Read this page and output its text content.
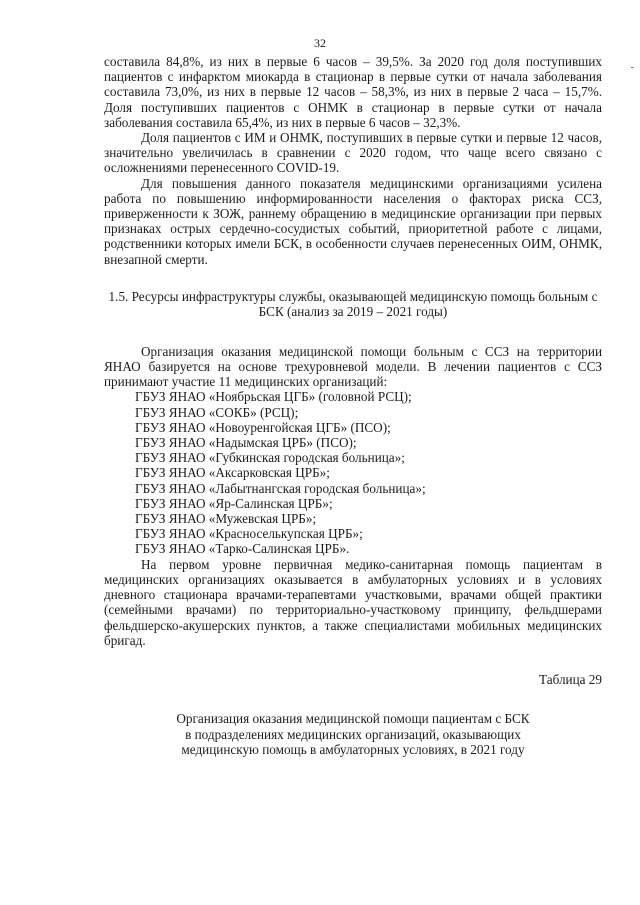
32
-

составила 84,8%, из них в первые 6 часов – 39,5%. За 2020 год доля поступивших пациентов с инфарктом миокарда в стационар в первые сутки от начала заболевания составила 73,0%, из них в первые 12 часов – 58,3%, из них в первые 2 часа – 15,7%. Доля поступивших пациентов с ОНМК в стационар в первые сутки от начала заболевания составила 65,4%, из них в первые 6 часов – 32,3%.

Доля пациентов с ИМ и ОНМК, поступивших в первые сутки и первые 12 часов, значительно увеличилась в сравнении с 2020 годом, что чаще всего связано с осложнениями перенесенного COVID-19.

Для повышения данного показателя медицинскими организациями усилена работа по повышению информированности населения о факторах риска ССЗ, приверженности к ЗОЖ, раннему обращению в медицинские организации при первых признаках острых сердечно-сосудистых событий, приоритетной работе с лицами, родственники которых имели БСК, в особенности случаев перенесенных ОИМ, ОНМК, внезапной смерти.

1.5. Ресурсы инфраструктуры службы, оказывающей медицинскую помощь больным с БСК (анализ за 2019 – 2021 годы)

Организация оказания медицинской помощи больным с ССЗ на территории ЯНАО базируется на основе трехуровневой модели. В лечении пациентов с ССЗ принимают участие 11 медицинских организаций:

ГБУЗ ЯНАО «Ноябрьская ЦГБ» (головной РСЦ);
ГБУЗ ЯНАО «СОКБ» (РСЦ);
ГБУЗ ЯНАО «Новоуренгойская ЦГБ» (ПСО);
ГБУЗ ЯНАО «Надымская ЦРБ» (ПСО);
ГБУЗ ЯНАО «Губкинская городская больница»;
ГБУЗ ЯНАО «Аксарковская ЦРБ»;
ГБУЗ ЯНАО «Лабытнангская городская больница»;
ГБУЗ ЯНАО «Яр-Салинская ЦРБ»;
ГБУЗ ЯНАО «Мужевская ЦРБ»;
ГБУЗ ЯНАО «Красноселькупская ЦРБ»;
ГБУЗ ЯНАО «Тарко-Салинская ЦРБ».

На первом уровне первичная медико-санитарная помощь пациентам в медицинских организациях оказывается в амбулаторных условиях и в условиях дневного стационара врачами-терапевтами участковыми, врачами общей практики (семейными врачами) по территориально-участковому принципу, фельдшерами фельдшерско-акушерских пунктов, а также специалистами мобильных медицинских бригад.

Таблица 29

Организация оказания медицинской помощи пациентам с БСК
в подразделениях медицинских организаций, оказывающих
медицинскую помощь в амбулаторных условиях, в 2021 году
